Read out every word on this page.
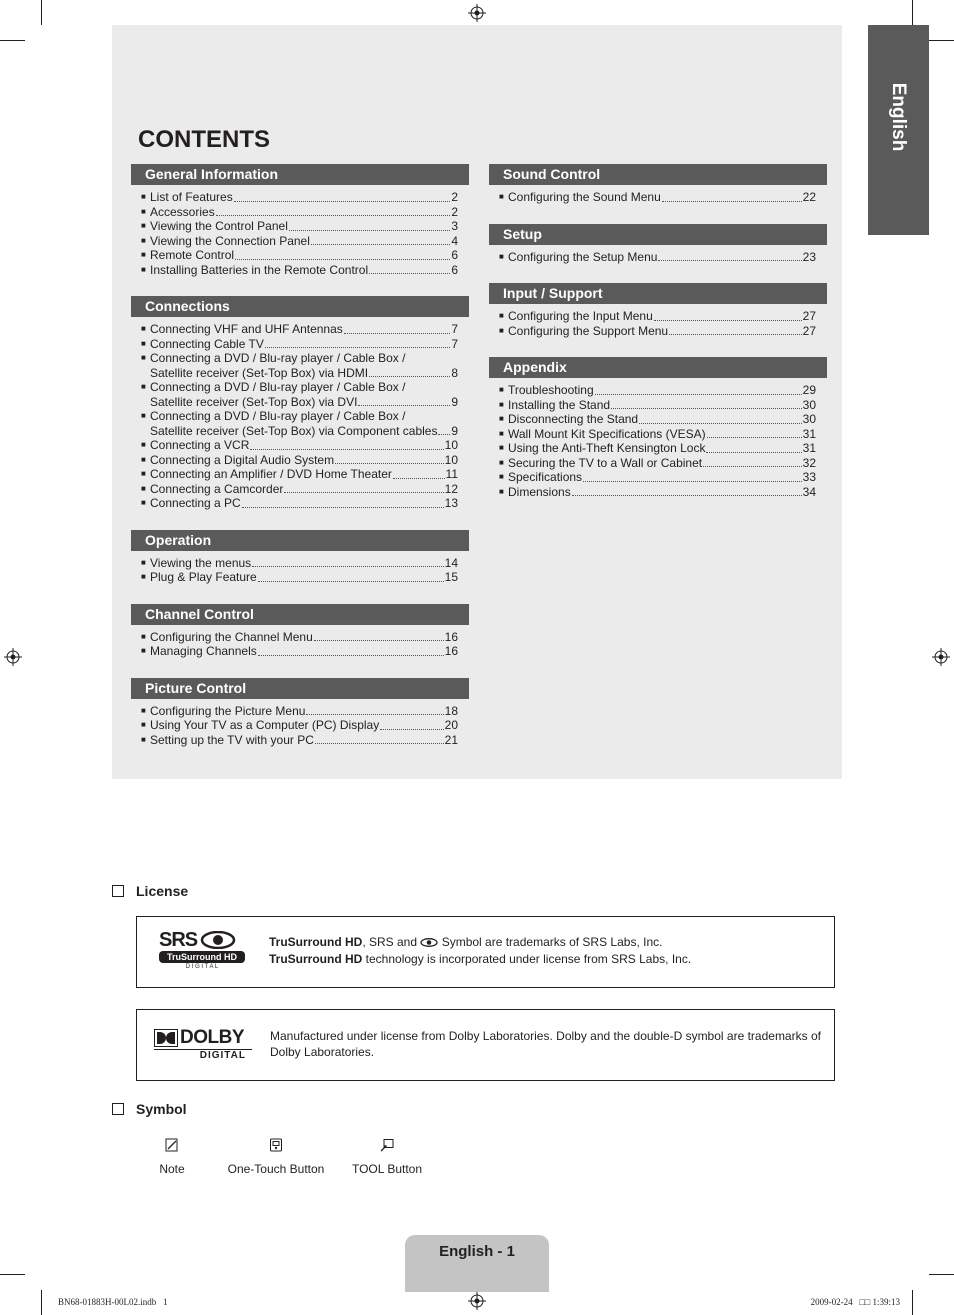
English
CONTENTS
General Information
■ List of Features	2
■ Accessories	2
■ Viewing the Control Panel	3
■ Viewing the Connection Panel	4
■ Remote Control	6
■ Installing Batteries in the Remote Control	6
Connections
■ Connecting VHF and UHF Antennas	7
■ Connecting Cable TV	7
■ Connecting a DVD / Blu-ray player / Cable Box /
Satellite receiver (Set-Top Box) via HDMI	8
■ Connecting a DVD / Blu-ray player / Cable Box /
Satellite receiver (Set-Top Box) via DVI	9
■ Connecting a DVD / Blu-ray player / Cable Box /
Satellite receiver (Set-Top Box) via Component cables 9
■ Connecting a VCR	10
■ Connecting a Digital Audio System	10
■ Connecting an Amplifier / DVD Home Theater	11
■ Connecting a Camcorder	12
■ Connecting a PC	13
Operation
■ Viewing the menus	14
■ Plug & Play Feature	15
Channel Control
■ Configuring the Channel Menu	16
■ Managing Channels	16
Picture Control
■ Configuring the Picture Menu	18
■ Using Your TV as a Computer (PC) Display	20
■ Setting up the TV with your PC	21
Sound Control
■ Configuring the Sound Menu	22
Setup
■ Configuring the Setup Menu	23
Input / Support
■ Configuring the Input Menu	27
■ Configuring the Support Menu	27
Appendix
■ Troubleshooting	29
■ Installing the Stand	30
■ Disconnecting the Stand	30
■ Wall Mount Kit Specifications (VESA)	31
■ Using the Anti-Theft Kensington Lock	31
■ Securing the TV to a Wall or Cabinet	32
■ Specifications	33
■ Dimensions	34
License
SRS
TruSurround HD
D I G I T A L
TruSurround HD, SRS and  Symbol are trademarks of SRS Labs, Inc.
TruSurround HD technology is incorporated under license from SRS Labs, Inc.
DOLBY
DIGITAL
Manufactured under license from Dolby Laboratories. Dolby and the double-D symbol are trademarks of Dolby Laboratories.
Symbol
Note	One-Touch Button	TOOL Button
English - 1
BN68-01883H-00L02.indb   1	2009-02-24   □□ 1:39:13
